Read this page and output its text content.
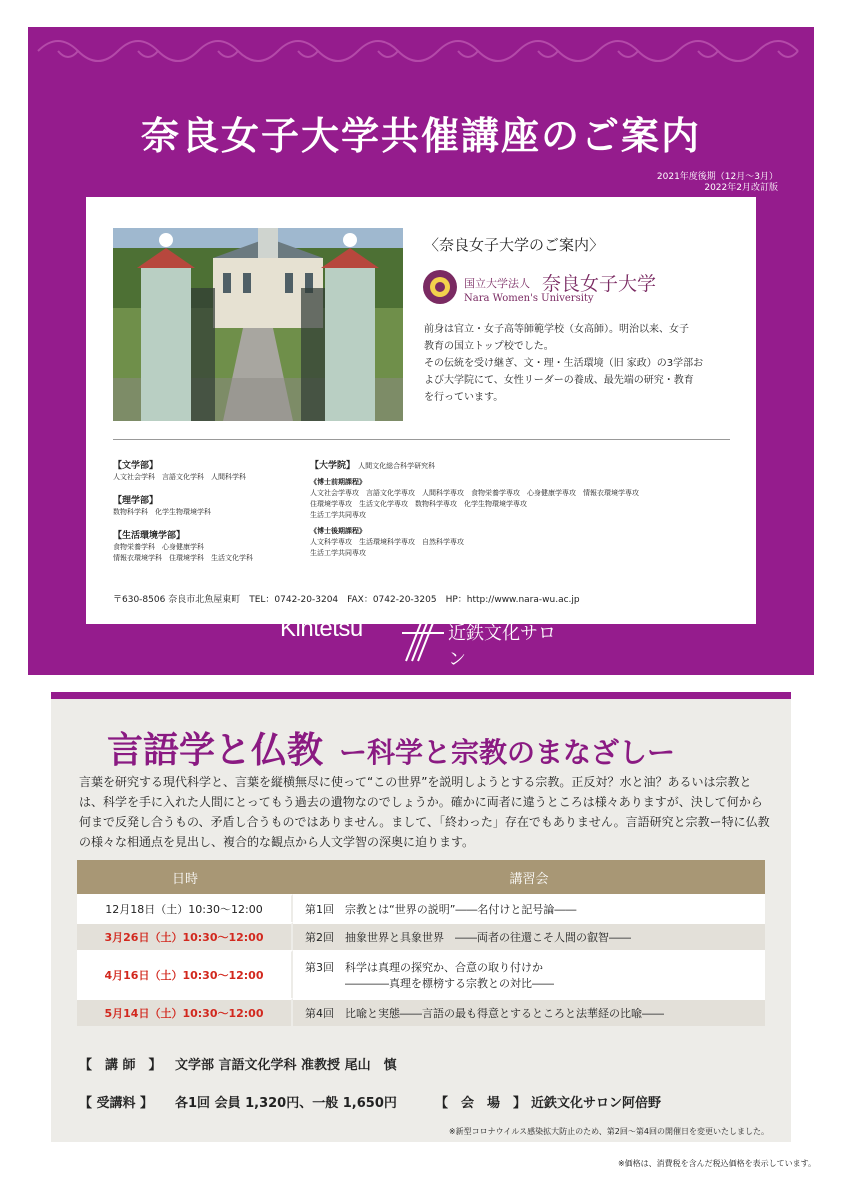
奈良女子大学共催講座のご案内
2021年度後期（12月～3月）
2022年2月改訂版
〈奈良女子大学のご案内〉
国立大学法人 奈良女子大学
Nara Women's University
前身は官立・女子高等師範学校（女高師）。明治以来、女子
教育の国立トップ校でした。
その伝統を受け継ぎ、文・理・生活環境（旧 家政）の3学部お
よび大学院にて、女性リーダーの養成、最先端の研究・教育
を行っています。
【文学部】
人文社会学科　言語文化学科　人間科学科
【理学部】
数物科学科　化学生物環境学科
【生活環境学部】
食物栄養学科　心身健康学科
情報衣環境学科　住環境学科　生活文化学科
【大学院】 人間文化総合科学研究科
《博士前期課程》
人文社会学専攻　言語文化学専攻　人間科学専攻　食物栄養学専攻　心身健康学専攻　情報衣環境学専攻
住環境学専攻　生活文化学専攻　数物科学専攻　化学生物環境学専攻
生活工学共同専攻
《博士後期課程》
人文科学専攻　生活環境科学専攻　自然科学専攻
生活工学共同専攻
〒630-8506 奈良市北魚屋東町　TEL：0742-20-3204　FAX：0742-20-3205　HP：http://www.nara-wu.ac.jp
Kintetsu	近鉄文化サロン
言語学と仏教 ー科学と宗教のまなざしー
言葉を研究する現代科学と、言葉を縦横無尽に使って“この世界”を説明しようとする宗教。正反対？水と油？あるいは宗教とは、科学を手に入れた人間にとってもう過去の遺物なのでしょうか。確かに両者に違うところは様々ありますが、決して何から何まで反発し合うもの、矛盾し合うものではありません。まして、「終わった」存在でもありません。言語研究と宗教ー特に仏教の様々な相通点を見出し、複合的な観点から人文学智の深奥に迫ります。
日時	講習会
12月18日（土）10:30～12:00	第1回　宗教とは“世界の説明”――名付けと記号論――
3月26日（土）10:30～12:00	第2回　抽象世界と具象世界　――両者の往還こそ人間の叡智――
4月16日（土）10:30～12:00	第3回　科学は真理の探究か、合意の取り付けか
――――真理を標榜する宗教との対比――

5月14日（土）10:30～12:00	第4回　比喩と実態――言語の最も得意とするところと法華経の比喩――
【　講 師　】 文学部 言語文化学科 准教授 尾山　慎
【 受講料 】 各1回 会員 1,320円、一般 1,650円	【　会　場　】 近鉄文化サロン阿倍野
※新型コロナウイルス感染拡大防止のため、第2回～第4回の開催日を変更いたしました。
※価格は、消費税を含んだ税込価格を表示しています。
